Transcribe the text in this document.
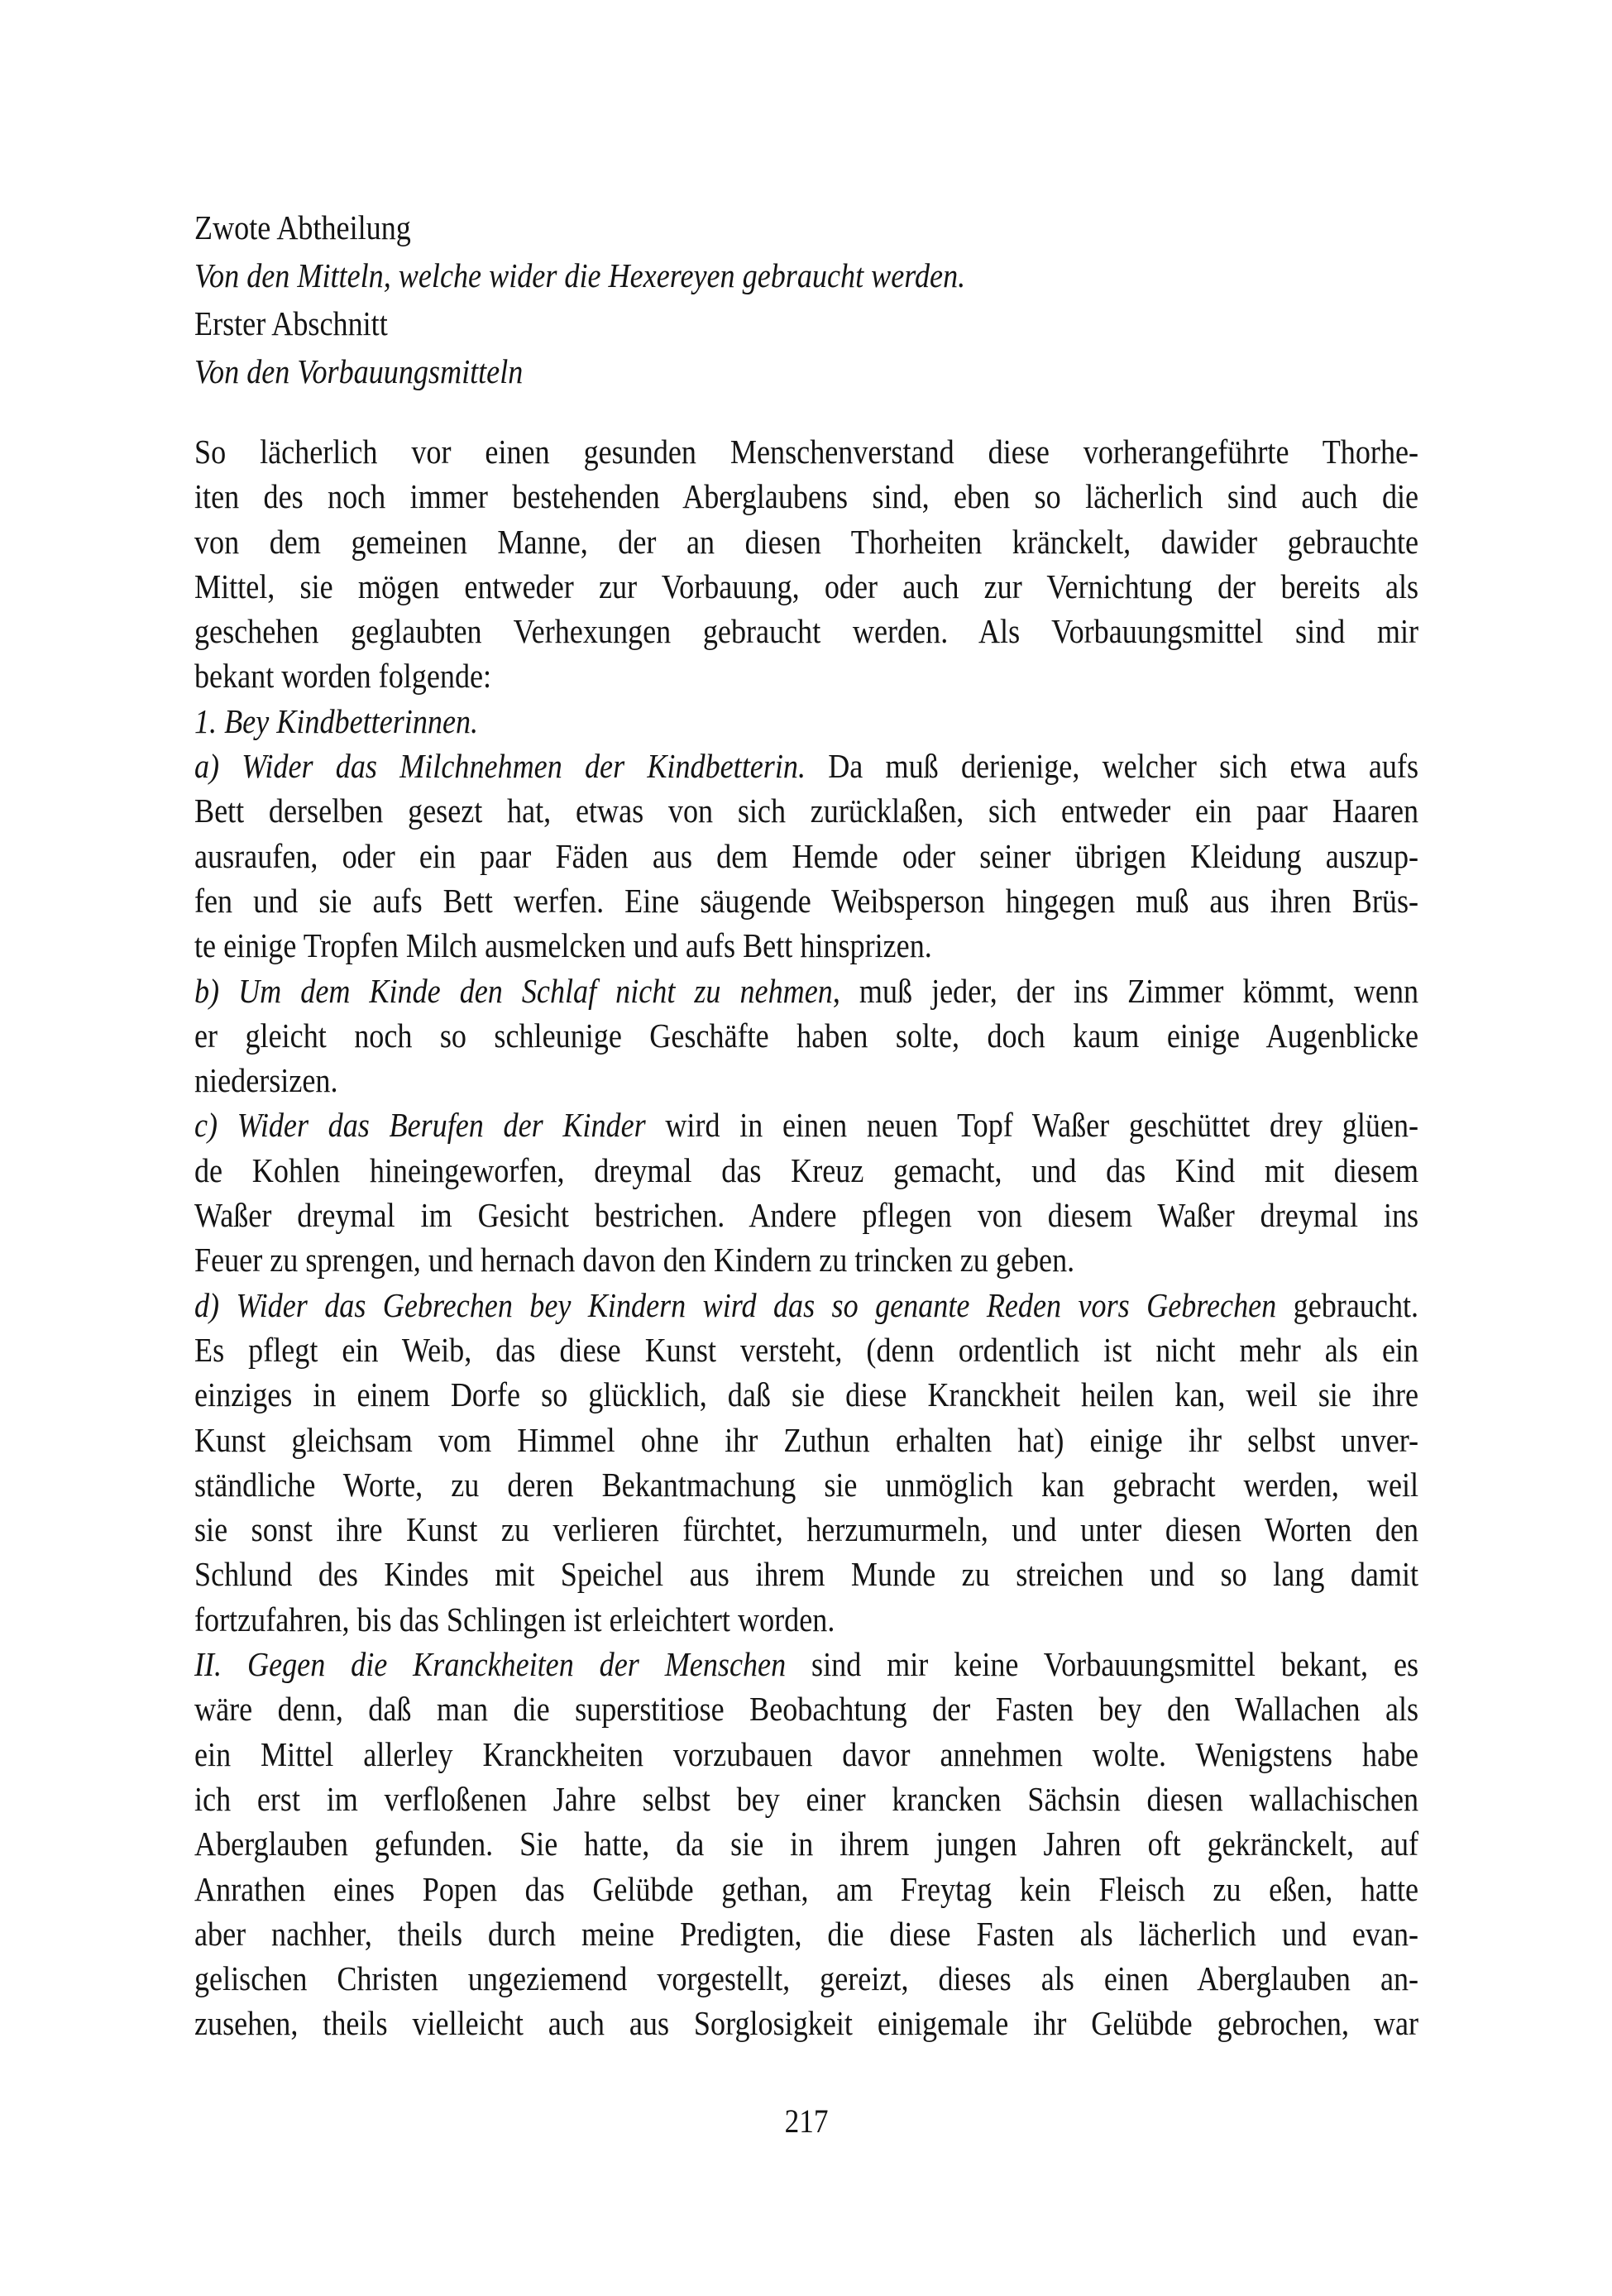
Zwote Abtheilung
Von den Mitteln, welche wider die Hexereyen gebraucht werden.
Erster Abschnitt
Von den Vorbauungsmitteln
So lächerlich vor einen gesunden Menschenverstand diese vorherangeführte Thorhe-
iten des noch immer bestehenden Aberglaubens sind, eben so lächerlich sind auch die
von dem gemeinen Manne, der an diesen Thorheiten kränckelt, dawider gebrauchte
Mittel, sie mögen entweder zur Vorbauung, oder auch zur Vernichtung der bereits als
geschehen geglaubten Verhexungen gebraucht werden. Als Vorbauungsmittel sind mir
bekant worden folgende:
1. Bey Kindbetterinnen.
a) Wider das Milchnehmen der Kindbetterin. Da muß derienige, welcher sich etwa aufs
Bett derselben gesezt hat, etwas von sich zurücklaßen, sich entweder ein paar Haaren
ausraufen, oder ein paar Fäden aus dem Hemde oder seiner übrigen Kleidung auszup-
fen und sie aufs Bett werfen. Eine säugende Weibsperson hingegen muß aus ihren Brüs-
te einige Tropfen Milch ausmelcken und aufs Bett hinsprizen.
b) Um dem Kinde den Schlaf nicht zu nehmen, muß jeder, der ins Zimmer kömmt, wenn
er gleicht noch so schleunige Geschäfte haben solte, doch kaum einige Augenblicke
niedersizen.
c) Wider das Berufen der Kinder wird in einen neuen Topf Waßer geschüttet drey glüen-
de Kohlen hineingeworfen, dreymal das Kreuz gemacht, und das Kind mit diesem
Waßer dreymal im Gesicht bestrichen. Andere pflegen von diesem Waßer dreymal ins
Feuer zu sprengen, und hernach davon den Kindern zu trincken zu geben.
d) Wider das Gebrechen bey Kindern wird das so genante Reden vors Gebrechen gebraucht.
Es pflegt ein Weib, das diese Kunst versteht, (denn ordentlich ist nicht mehr als ein
einziges in einem Dorfe so glücklich, daß sie diese Kranckheit heilen kan, weil sie ihre
Kunst gleichsam vom Himmel ohne ihr Zuthun erhalten hat) einige ihr selbst unver-
ständliche Worte, zu deren Bekantmachung sie unmöglich kan gebracht werden, weil
sie sonst ihre Kunst zu verlieren fürchtet, herzumurmeln, und unter diesen Worten den
Schlund des Kindes mit Speichel aus ihrem Munde zu streichen und so lang damit
fortzufahren, bis das Schlingen ist erleichtert worden.
II. Gegen die Kranckheiten der Menschen sind mir keine Vorbauungsmittel bekant, es
wäre denn, daß man die superstitiose Beobachtung der Fasten bey den Wallachen als
ein Mittel allerley Kranckheiten vorzubauen davor annehmen wolte. Wenigstens habe
ich erst im verfloßenen Jahre selbst bey einer krancken Sächsin diesen wallachischen
Aberglauben gefunden. Sie hatte, da sie in ihrem jungen Jahren oft gekränckelt, auf
Anrathen eines Popen das Gelübde gethan, am Freytag kein Fleisch zu eßen, hatte
aber nachher, theils durch meine Predigten, die diese Fasten als lächerlich und evan-
gelischen Christen ungeziemend vorgestellt, gereizt, dieses als einen Aberglauben an-
zusehen, theils vielleicht auch aus Sorglosigkeit einigemale ihr Gelübde gebrochen, war
217
